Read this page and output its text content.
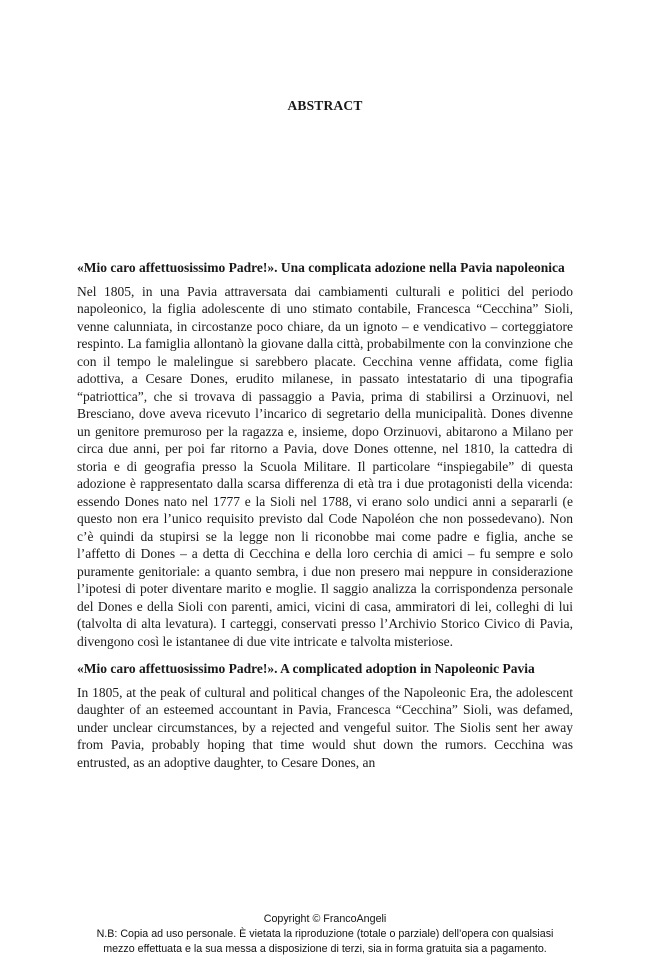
ABSTRACT

«Mio caro affettuosissimo Padre!». Una complicata adozione nella Pavia napoleonica

Nel 1805, in una Pavia attraversata dai cambiamenti culturali e politici del periodo napoleonico, la figlia adolescente di uno stimato contabile, Francesca “Cecchina” Sioli, venne calunniata, in circostanze poco chiare, da un ignoto – e vendicativo – corteggiatore respinto. La famiglia allontanò la giovane dalla città, probabilmente con la convinzione che con il tempo le malelingue si sarebbero placate. Cecchina venne affidata, come figlia adottiva, a Cesare Dones, erudito milanese, in passato intestatario di una tipografia “patriottica”, che si trovava di passaggio a Pavia, prima di stabilirsi a Orzinuovi, nel Bresciano, dove aveva ricevuto l’incarico di segretario della municipalità. Dones divenne un genitore premuroso per la ragazza e, insieme, dopo Orzinuovi, abitarono a Milano per circa due anni, per poi far ritorno a Pavia, dove Dones ottenne, nel 1810, la cattedra di storia e di geografia presso la Scuola Militare. Il particolare “inspiegabile” di questa adozione è rappresentato dalla scarsa differenza di età tra i due protagonisti della vicenda: essendo Dones nato nel 1777 e la Sioli nel 1788, vi erano solo undici anni a separarli (e questo non era l’unico requisito previsto dal Code Napoléon che non possedevano). Non c’è quindi da stupirsi se la legge non li riconobbe mai come padre e figlia, anche se l’affetto di Dones – a detta di Cecchina e della loro cerchia di amici – fu sempre e solo puramente genitoriale: a quanto sembra, i due non presero mai neppure in considerazione l’ipotesi di poter diventare marito e moglie. Il saggio analizza la corrispondenza personale del Dones e della Sioli con parenti, amici, vicini di casa, ammiratori di lei, colleghi di lui (talvolta di alta levatura). I carteggi, conservati presso l’Archivio Storico Civico di Pavia, divengono così le istantanee di due vite intricate e talvolta misteriose.

«Mio caro affettuosissimo Padre!». A complicated adoption in Napoleonic Pavia

In 1805, at the peak of cultural and political changes of the Napoleonic Era, the adolescent daughter of an esteemed accountant in Pavia, Francesca “Cecchina” Sioli, was defamed, under unclear circumstances, by a rejected and vengeful suitor. The Siolis sent her away from Pavia, probably hoping that time would shut down the rumors. Cecchina was entrusted, as an adoptive daughter, to Cesare Dones, an

Copyright © FrancoAngeli
N.B: Copia ad uso personale. È vietata la riproduzione (totale o parziale) dell’opera con qualsiasi
mezzo effettuata e la sua messa a disposizione di terzi, sia in forma gratuita sia a pagamento.
